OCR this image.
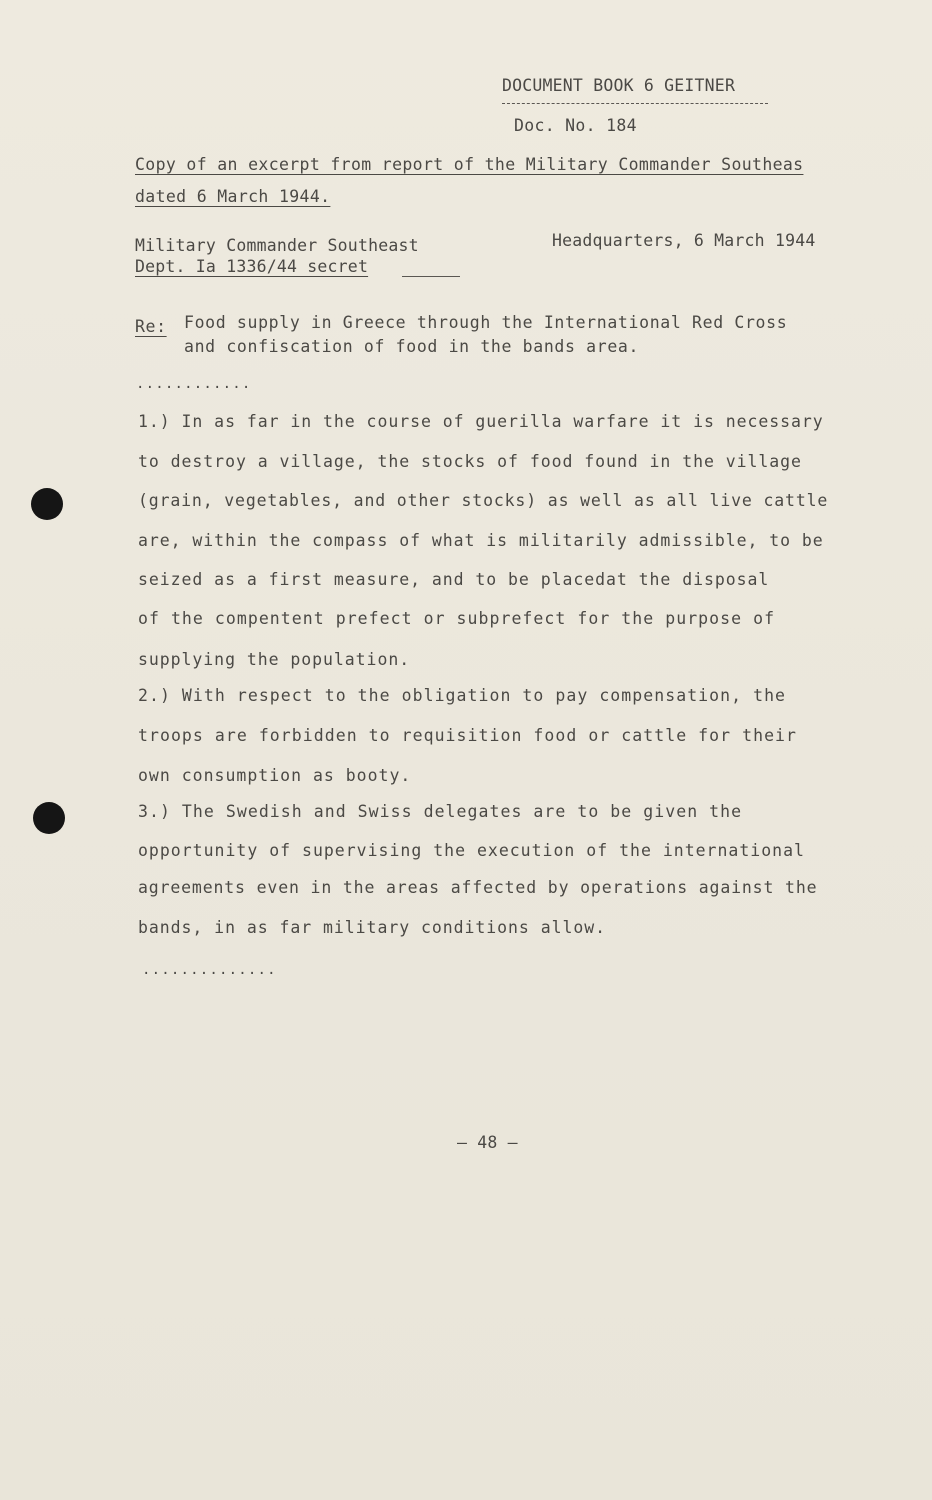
DOCUMENT BOOK 6 GEITNER
Doc. No. 184
Copy of an excerpt from report of the Military Commander Southeas
dated 6 March 1944.
Military Commander Southeast
Dept. Ia 1336/44 secret
Headquarters, 6 March 1944
Re: Food supply in Greece through the International Red Cross
and confiscation of food in the bands area.
............
1.) In as far in the course of guerilla warfare it is necessary
to destroy a village, the stocks of food found in the village
(grain, vegetables, and other stocks) as well as all live cattle
are, within the compass of what is militarily admissible, to be
seized as a first measure, and to be placedat the disposal
of the compentent prefect or subprefect for the purpose of
supplying the population.
2.) With respect to the obligation to pay compensation, the
troops are forbidden to requisition food or cattle for their
own consumption as booty.
3.) The Swedish and Swiss delegates are to be given the
opportunity of supervising the execution of the international
agreements even in the areas affected by operations against the
bands, in as far military conditions allow.
..............
– 48 –
